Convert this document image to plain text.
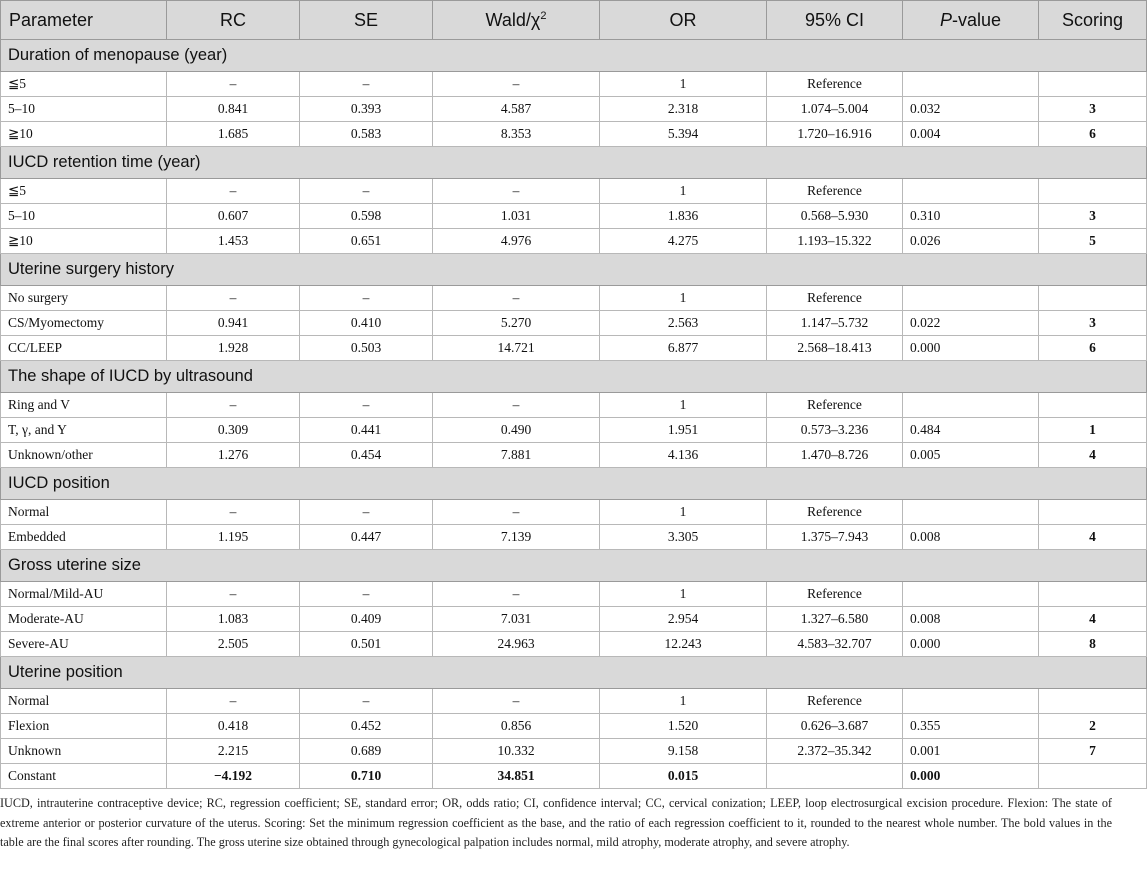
Parameter	RC	SE	Wald/$\chi^2$	OR	95% CI	P-value	Scoring
Duration of menopause (year)							
≦5	–	–	–	1	Reference		
5–10	0.841	0.393	4.587	2.318	1.074–5.004	0.032	3
≧10	1.685	0.583	8.353	5.394	1.720–16.916	0.004	6
IUCD retention time (year)							
≦5	–	–	–	1	Reference		
5–10	0.607	0.598	1.031	1.836	0.568–5.930	0.310	3
≧10	1.453	0.651	4.976	4.275	1.193–15.322	0.026	5
Uterine surgery history							
No surgery	–	–	–	1	Reference		
CS/Myomectomy	0.941	0.410	5.270	2.563	1.147–5.732	0.022	3
CC/LEEP	1.928	0.503	14.721	6.877	2.568–18.413	0.000	6
The shape of IUCD by ultrasound							
Ring and V	–	–	–	1	Reference		
T, γ, and Y	0.309	0.441	0.490	1.951	0.573–3.236	0.484	1
Unknown/other	1.276	0.454	7.881	4.136	1.470–8.726	0.005	4
IUCD position							
Normal	–	–	–	1	Reference		
Embedded	1.195	0.447	7.139	3.305	1.375–7.943	0.008	4
Gross uterine size							
Normal/Mild-AU	–	–	–	1	Reference		
Moderate-AU	1.083	0.409	7.031	2.954	1.327–6.580	0.008	4
Severe-AU	2.505	0.501	24.963	12.243	4.583–32.707	0.000	8
Uterine position							
Normal	–	–	–	1	Reference		
Flexion	0.418	0.452	0.856	1.520	0.626–3.687	0.355	2
Unknown	2.215	0.689	10.332	9.158	2.372–35.342	0.001	7
Constant	−4.192	0.710	34.851	0.015		0.000	

IUCD, intrauterine contraceptive device; RC, regression coefficient; SE, standard error; OR, odds ratio; CI, confidence interval; CC, cervical conization; LEEP, loop electrosurgical excision procedure. Flexion: The state of extreme anterior or posterior curvature of the uterus. Scoring: Set the minimum regression coefficient as the base, and the ratio of each regression coefficient to it, rounded to the nearest whole number. The bold values in the table are the final scores after rounding. The gross uterine size obtained through gynecological palpation includes normal, mild atrophy, moderate atrophy, and severe atrophy.
